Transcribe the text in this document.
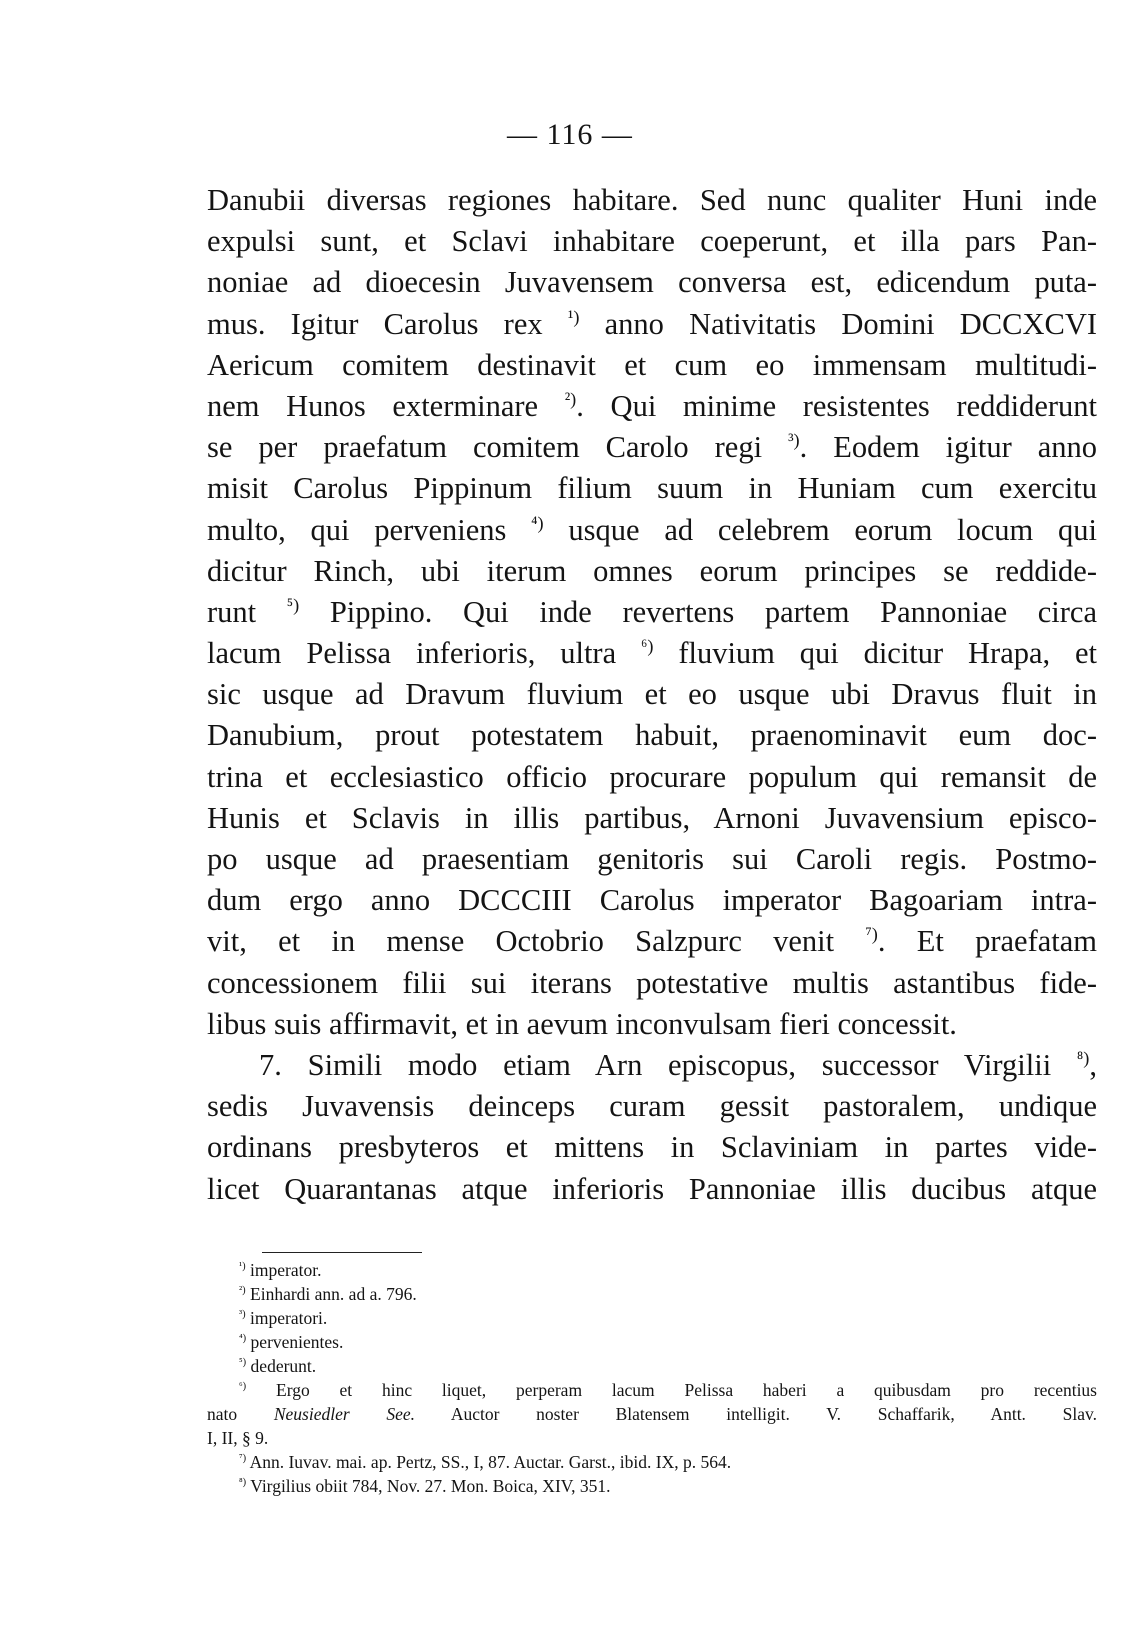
— 116 —
Danubii diversas regiones habitare. Sed nunc qualiter Huni inde
expulsi sunt, et Sclavi inhabitare coeperunt, et illa pars Pan-
noniae ad dioecesin Juvavensem conversa est, edicendum puta-
mus. Igitur Carolus rex $^{^1)}$ anno Nativitatis Domini DCCXCVI
Aericum comitem destinavit et cum eo immensam multitudi-
nem Hunos exterminare $^{^2)}$. Qui minime resistentes reddiderunt
se per praefatum comitem Carolo regi $^{^3)}$. Eodem igitur anno
misit Carolus Pippinum filium suum in Huniam cum exercitu
multo, qui perveniens $^{^4)}$ usque ad celebrem eorum locum qui
dicitur Rinch, ubi iterum omnes eorum principes se reddide-
runt $^{^5)}$ Pippino. Qui inde revertens partem Pannoniae circa
lacum Pelissa inferioris, ultra $^{^6)}$ fluvium qui dicitur Hrapa, et
sic usque ad Dravum fluvium et eo usque ubi Dravus fluit in
Danubium, prout potestatem habuit, praenominavit eum doc-
trina et ecclesiastico officio procurare populum qui remansit de
Hunis et Sclavis in illis partibus, Arnoni Juvavensium episco-
po usque ad praesentiam genitoris sui Caroli regis. Postmo-
dum ergo anno DCCCIII Carolus imperator Bagoariam intra-
vit, et in mense Octobrio Salzpurc venit $^{^7)}$. Et praefatam
concessionem filii sui iterans potestative multis astantibus fide-
libus suis affirmavit, et in aevum inconvulsam fieri concessit.
7. Simili modo etiam Arn episcopus, successor Virgilii $^{^8)}$,
sedis Juvavensis deinceps curam gessit pastoralem, undique
ordinans presbyteros et mittens in Sclaviniam in partes vide-
licet Quarantanas atque inferioris Pannoniae illis ducibus atque
$^{^1)}$ imperator.
$^{^2)}$ Einhardi ann. ad a. 796.
$^{^3)}$ imperatori.
$^{^4)}$ pervenientes.
$^{^5)}$ dederunt.
$^{^6)}$ Ergo et hinc liquet, perperam lacum Pelissa haberi a quibusdam pro recentius
nato Neusiedler See. Auctor noster Blatensem intelligit. V. Schaffarik, Antt. Slav.
I, II, § 9.
$^{^7)}$ Ann. Iuvav. mai. ap. Pertz, SS., I, 87. Auctar. Garst., ibid. IX, p. 564.
$^{^8)}$ Virgilius obiit 784, Nov. 27. Mon. Boica, XIV, 351.
